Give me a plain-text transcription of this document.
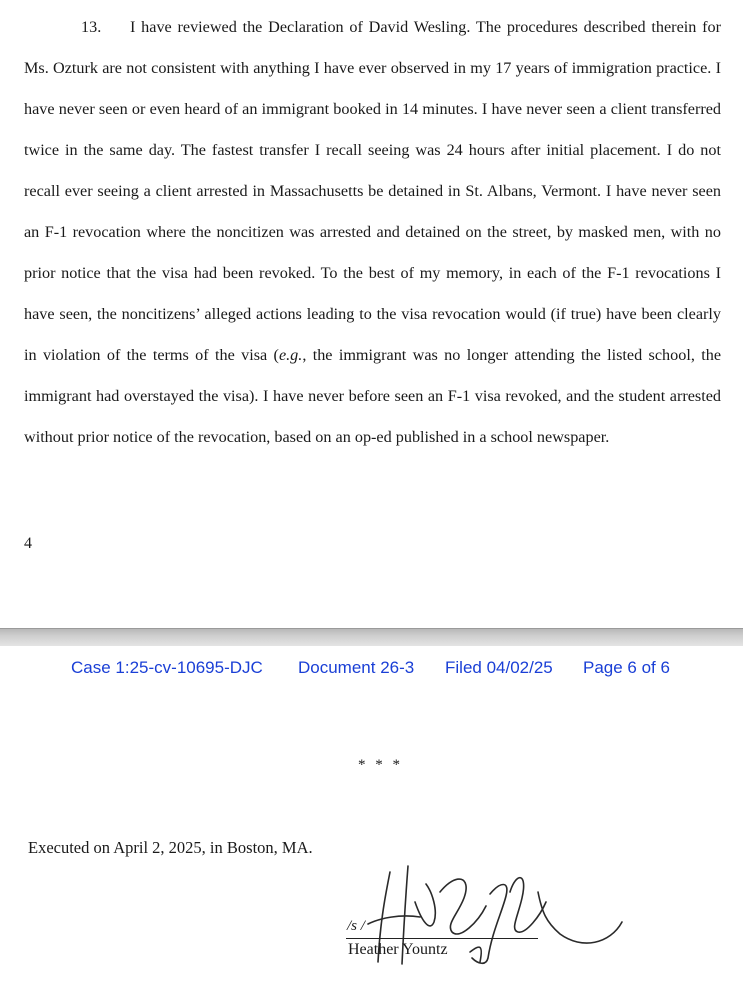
13. I have reviewed the Declaration of David Wesling. The procedures described therein for Ms. Ozturk are not consistent with anything I have ever observed in my 17 years of immigration practice. I have never seen or even heard of an immigrant booked in 14 minutes. I have never seen a client transferred twice in the same day. The fastest transfer I recall seeing was 24 hours after initial placement. I do not recall ever seeing a client arrested in Massachusetts be detained in St. Albans, Vermont. I have never seen an F-1 revocation where the noncitizen was arrested and detained on the street, by masked men, with no prior notice that the visa had been revoked. To the best of my memory, in each of the F-1 revocations I have seen, the noncitizens’ alleged actions leading to the visa revocation would (if true) have been clearly in violation of the terms of the visa (e.g., the immigrant was no longer attending the listed school, the immigrant had overstayed the visa). I have never before seen an F-1 visa revoked, and the student arrested without prior notice of the revocation, based on an op-ed published in a school newspaper.

4
Case 1:25-cv-10695-DJC Document 26-3 Filed 04/02/25 Page 6 of 6
* * *
Executed on April 2, 2025, in Boston, MA.
/s /
Heather Yountz
